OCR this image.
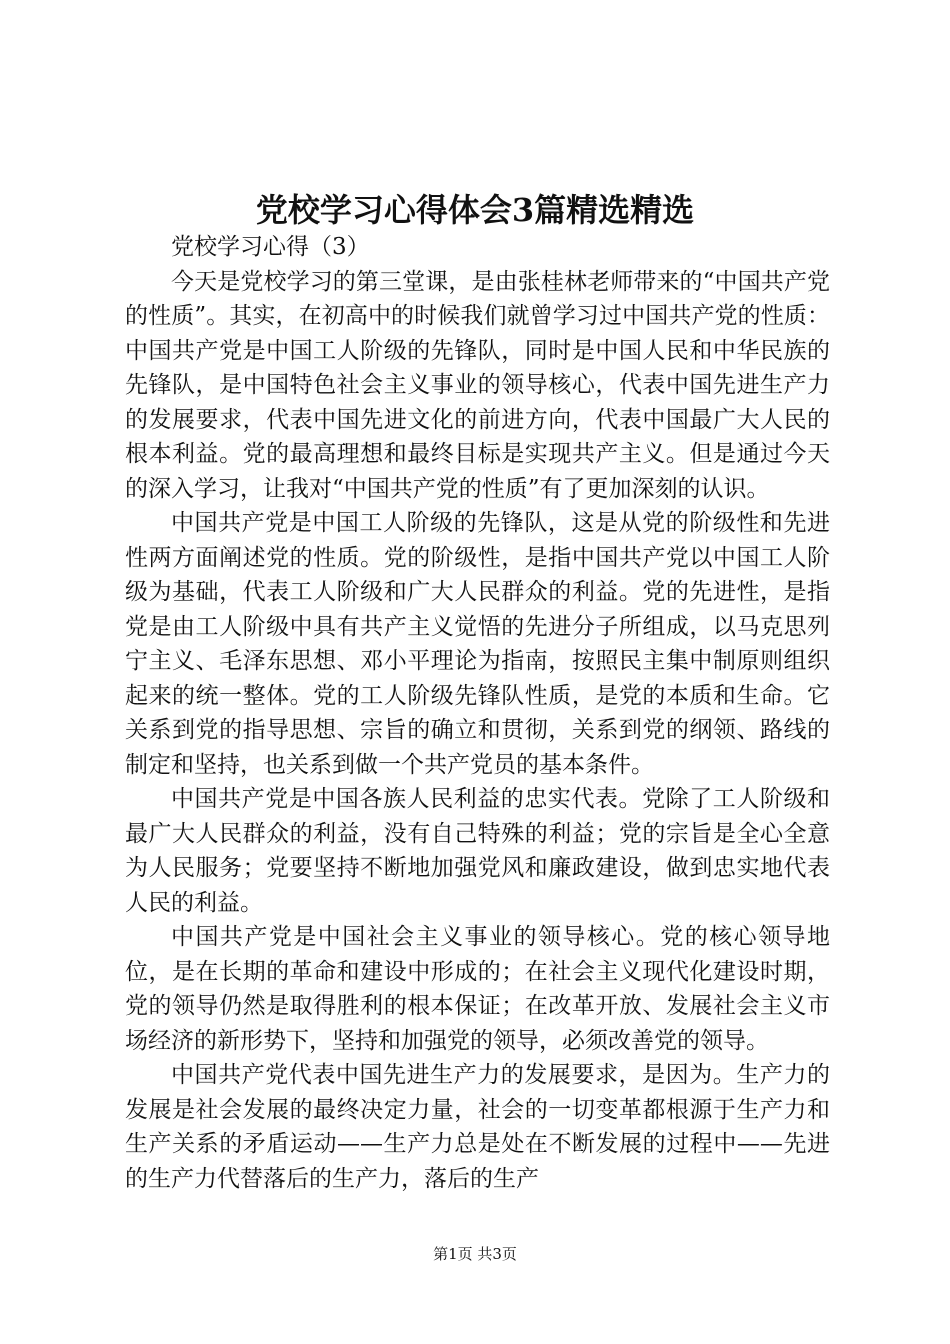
党校学习心得体会3篇精选精选

党校学习心得（3）

今天是党校学习的第三堂课，是由张桂林老师带来的“中国共产党的性质”。其实，在初高中的时候我们就曾学习过中国共产党的性质：中国共产党是中国工人阶级的先锋队，同时是中国人民和中华民族的先锋队，是中国特色社会主义事业的领导核心，代表中国先进生产力的发展要求，代表中国先进文化的前进方向，代表中国最广大人民的根本利益。党的最高理想和最终目标是实现共产主义。但是通过今天的深入学习，让我对“中国共产党的性质”有了更加深刻的认识。

中国共产党是中国工人阶级的先锋队，这是从党的阶级性和先进性两方面阐述党的性质。党的阶级性，是指中国共产党以中国工人阶级为基础，代表工人阶级和广大人民群众的利益。党的先进性，是指党是由工人阶级中具有共产主义觉悟的先进分子所组成，以马克思列宁主义、毛泽东思想、邓小平理论为指南，按照民主集中制原则组织起来的统一整体。党的工人阶级先锋队性质，是党的本质和生命。它关系到党的指导思想、宗旨的确立和贯彻，关系到党的纲领、路线的制定和坚持，也关系到做一个共产党员的基本条件。

中国共产党是中国各族人民利益的忠实代表。党除了工人阶级和最广大人民群众的利益，没有自己特殊的利益；党的宗旨是全心全意为人民服务；党要坚持不断地加强党风和廉政建设，做到忠实地代表人民的利益。

中国共产党是中国社会主义事业的领导核心。党的核心领导地位，是在长期的革命和建设中形成的；在社会主义现代化建设时期，党的领导仍然是取得胜利的根本保证；在改革开放、发展社会主义市场经济的新形势下，坚持和加强党的领导，必须改善党的领导。

中国共产党代表中国先进生产力的发展要求，是因为。生产力的发展是社会发展的最终决定力量，社会的一切变革都根源于生产力和生产关系的矛盾运动——生产力总是处在不断发展的过程中——先进的生产力代替落后的生产力，落后的生产

第1页 共3页
